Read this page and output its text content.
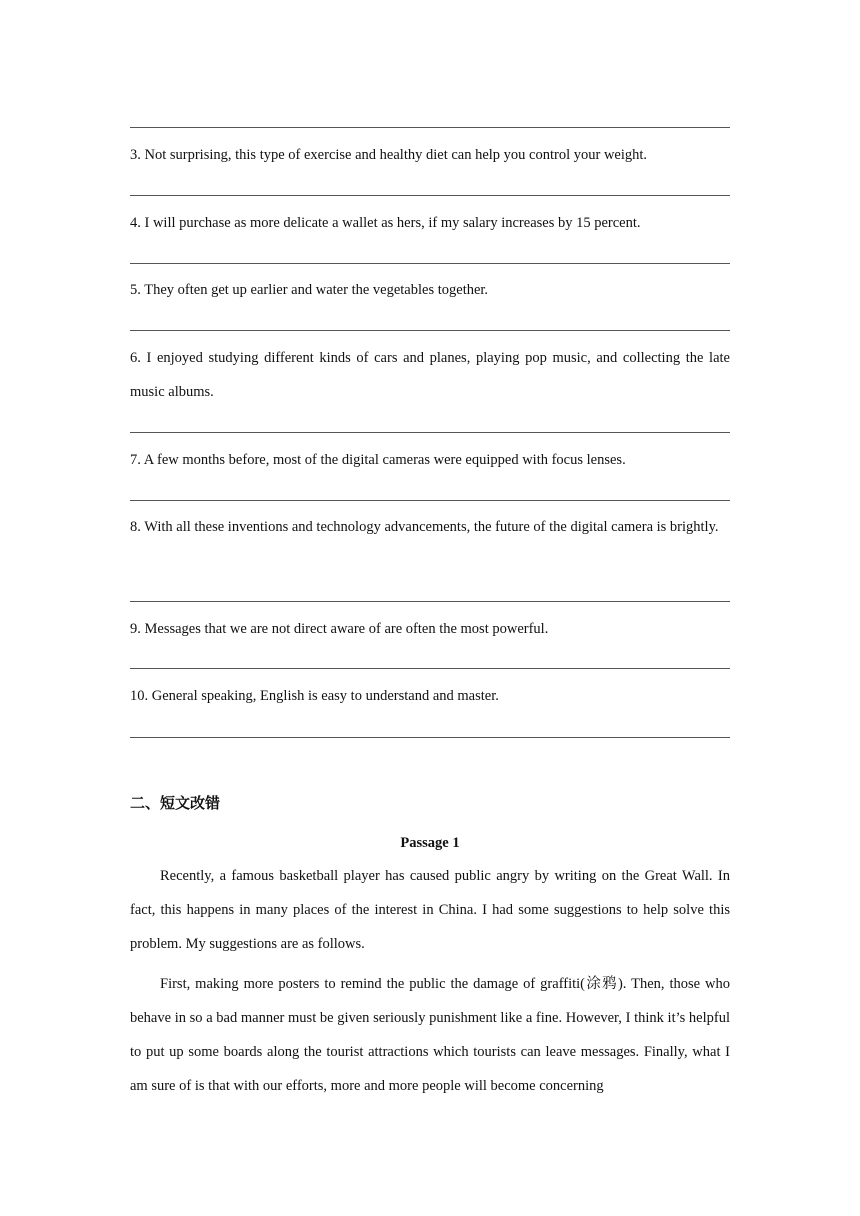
3. Not surprising, this type of exercise and healthy diet can help you control your weight.
4. I will purchase as more delicate a wallet as hers, if my salary increases by 15 percent.
5. They often get up earlier and water the vegetables together.
6. I enjoyed studying different kinds of cars and planes, playing pop music, and collecting the late music albums.
7. A few months before, most of the digital cameras were equipped with focus lenses.
8. With all these inventions and technology advancements, the future of the digital camera is brightly.
9. Messages that we are not direct aware of are often the most powerful.
10. General speaking, English is easy to understand and master.
二、短文改错
Passage 1
Recently, a famous basketball player has caused public angry by writing on the Great Wall. In fact, this happens in many places of the interest in China. I had some suggestions to help solve this problem. My suggestions are as follows.
First, making more posters to remind the public the damage of graffiti(涂鸦). Then, those who behave in so a bad manner must be given seriously punishment like a fine. However, I think it’s helpful to put up some boards along the tourist attractions which tourists can leave messages. Finally, what I am sure of is that with our efforts, more and more people will become concerning
